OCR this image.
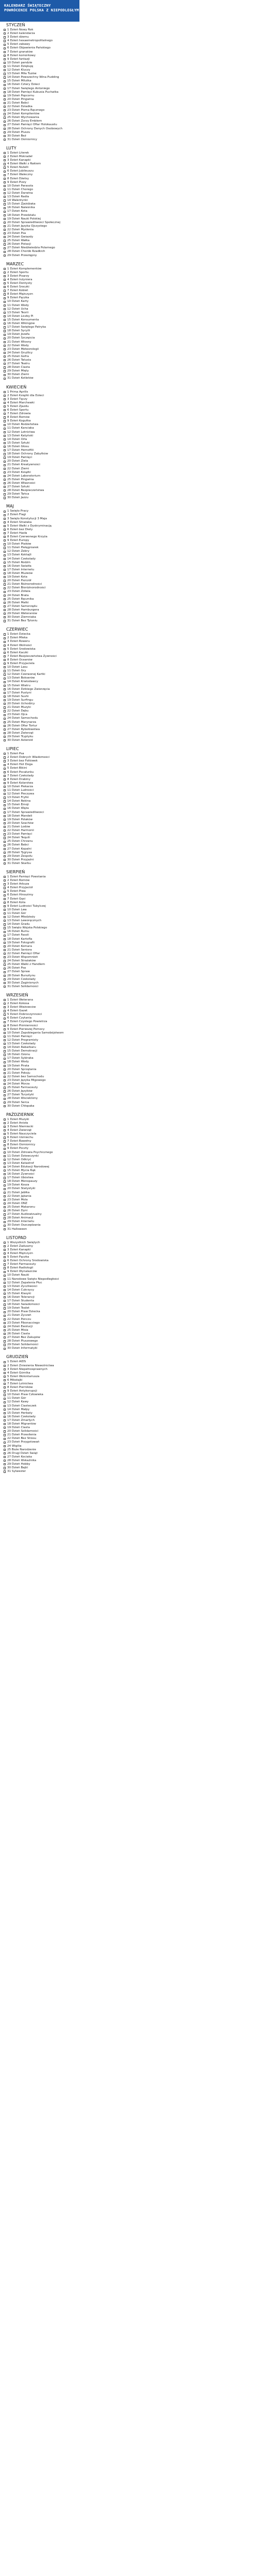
KALENDARZ ŚWIĄTECZNY
POWRÓCENIE POLSKA Z NIEPODLEGŁYM
STYCZEŃ
1 Dzień Nowy Rok
2 Dzień kalendarza
3 Dzień dżemu
4 Dzień hexaemetropolitalnego
5 Dzień zabawy
6 Dzień Objawienia Pańskiego
7 Dzień granatów
8 Dzień komórkowy
9 Dzień fantazji
10 Dzień pandzie
11 Dzień Dziękuję
12 Dzień Kluczy
13 Dzień Miła Tuzów
14 Dzień Powszechny Wina Pudding
15 Dzień Milutka
16 Dzień Cztery Dzieci
17 Dzień Świętego Antoniego
18 Dzień Pamięci Kubusia Puchatka
19 Dzień Popcornu
20 Dzień Pingwina
21 Dzień Babci
22 Dzień Dziadka
23 Dzień Pisma Ręcznego
24 Dzień Kompilentów
25 Dzień Wychowania
26 Dzień Zorzy Emblem
27 Dzień Pamięci Ofiar Holokaustu
28 Dzień Ochrony Danych Osobowych
29 Dzień Pluszu
30 Dzień Beż
31 Dzień Ośmiornicy
LUTY
1 Dzień Literek
2 Dzień Mokradeł
3 Dzień Kanapki
4 Dzień Walki z Rakiem
5 Dzień Nutelli
6 Dzień Jubileuszu
7 Dzień Waleczny
8 Dzień Dżetsy
9 Dzień Pizzy
10 Dzień Parasola
11 Dzień Chorego
12 Dzień Darwina
13 Dzień Radia
14 Walentynki
15 Dzień Zjeżdżaka
16 Dzień Naleśnika
17 Dzień Kota
18 Dzień Przedziału
19 Dzień Nauki Polskiej
20 Dzień Sprawiedliwości Społecznej
21 Dzień Języka Ojczystego
22 Dzień Myślenia
23 Dzień Psa
24 Dzień Gwiazdy
25 Dzień Wałka
26 Dzień Pistacji
27 Dzień Niedźwiedzia Polarnego
28 Dzień Chorób Rzadkich
29 Dzień Przestępny
MARZEC
1 Dzień Komplementów
2 Dzień Sportu
3 Dzień Pisarzy
4 Dzień Inżyniera
5 Dzień Dentysty
6 Dzień Sroczki
7 Dzień Kobiet
8 Dzień Mężczyzn
9 Dzień Pączka
10 Dzień Karty
11 Dzień Wody
12 Dzień Ucha
13 Dzień Teorii
14 Dzień Liczby Pi
15 Dzień Konsumenta
16 Dzień Wikingów
17 Dzień Świętego Patryka
18 Dzień Sycylii
19 Dzień Józefa
20 Dzień Szczęścia
21 Dzień Wiosny
22 Dzień Wody
23 Dzień Meteorologii
24 Dzień Gruźlicy
25 Dzień Gofra
26 Dzień Tatusia
27 Dzień Teatru
28 Dzień Ciasta
29 Dzień Mięty
30 Dzień Ziemi
31 Dzień Kotletów
KWIECIEŃ
1 Prima Aprilis
2 Dzień Książki dla Dzieci
3 Dzień Tęczy
4 Dzień Marchewki
5 Dzień Zjazdu
6 Dzień Sportu
7 Dzień Zdrowia
8 Dzień Romów
9 Dzień Kogutka
10 Dzień Rodzeństwa
11 Dzień Kanciaka
12 Dzień Lotnictwa
13 Dzień Katyński
14 Dzień Orła
15 Dzień Sztuki
16 Dzień Głosu
17 Dzień Hemofilii
18 Dzień Ochrony Zabytków
19 Dzień Pamięci
20 Dzień Ziela
21 Dzień Kreatywności
22 Dzień Ziemi
23 Dzień Książki
24 Dzień Laboratorium
25 Dzień Pingwina
26 Dzień Własności
27 Dzień Sztuki
28 Dzień Bezpieczeństwa
29 Dzień Tańca
30 Dzień Jazzu
MAJ
1 Święto Pracy
2 Dzień Flagi
3 Święto Konstytucji 3 Maja
4 Dzień Strażaka
5 Dzień Walki z Dyskryminacją
6 Dzień bez Diety
7 Dzień Hasła
8 Dzień Czerwonego Krzyża
9 Dzień Europy
10 Dzień Ptaków
11 Dzień Pielęgniarek
12 Dzień Zebry
13 Dzień Koktajli
14 Dzień Czekolady
15 Dzień Rodzin
16 Dzień Światła
17 Dzień Internetu
18 Dzień Muzeów
19 Dzień Kota
20 Dzień Pszczół
21 Dzień Różnorodności
22 Dzień Bioróżnorodności
23 Dzień Żółwia
24 Dzień Brata
25 Dzień Ręcznika
26 Dzień Matki
27 Dzień Samorządu
28 Dzień Hamburgera
29 Dzień Weteranów
30 Dzień Ziemniaka
31 Dzień Bez Tytoniu
CZERWIEC
1 Dzień Dziecka
2 Dzień Mleka
3 Dzień Roweru
4 Dzień Wolności
5 Dzień Środowiska
6 Dzień Kaczki
7 Dzień Bezpieczeństwa Żywności
8 Dzień Oceanów
9 Dzień Przyjaciela
10 Dzień Lasu
11 Dzień Gry
12 Dzień Czerwonej Kartki
13 Dzień Bokserów
14 Dzień Krwiodawcy
15 Dzień Wiatru
16 Dzień Dzikiego Zwierzęcia
17 Dzień Pustyni
18 Dzień Sushi
19 Dzień Surfingu
20 Dzień Uchodźcy
21 Dzień Muzyki
22 Dzień Dębu
23 Dzień Ojca
24 Dzień Samochodu
25 Dzień Marynarza
26 Dzień Ofiar Tortur
27 Dzień Rybołówstwa
28 Dzień Zwierząt
29 Dzień Tryptyku
30 Dzień Asteroid
LIPIEC
1 Dzień Psa
2 Dzień Dobrych Wiadomości
3 Dzień bez Foliówek
4 Dzień Hot Doga
5 Dzień Bikini
6 Dzień Pocałunku
7 Dzień Czekolady
8 Dzień Drabiny
9 Dzień Kolarstwa
10 Dzień Piekarza
11 Dzień Ludności
12 Dzień Pieczywa
13 Dzień Frytki
14 Dzień Rekina
15 Dzień Emoji
16 Dzień Węża
17 Dzień Sprawiedliwości
18 Dzień Mandeli
19 Dzień Polaków
20 Dzień Szachów
21 Dzień Lodów
22 Dzień Harmonii
23 Dzień Pamięci
24 Dzień Tequili
25 Dzień Chrzanu
26 Dzień Babci
27 Dzień Kopalni
28 Dzień Tygrysa
29 Dzień Zespołu
30 Dzień Przyjaźni
31 Dzień Skarbu
SIERPIEŃ
1 Dzień Pamięci Powstania
2 Dzień Romów
3 Dzień Arbuza
4 Dzień Przyjaciół
5 Dzień Piwa
6 Dzień Hiroszimy
7 Dzień Gęsi
8 Dzień Kota
9 Dzień Ludności Tubylczej
10 Dzień Lwa
11 Dzień Gór
12 Dzień Młodzieży
13 Dzień Leworęcznych
14 Dzień Gradu
15 Święto Wojska Polskiego
16 Dzień Rumu
17 Dzień Fasoli
18 Dzień Kartofla
19 Dzień Fotografii
20 Dzień Komara
21 Dzień Seniora
22 Dzień Pamięci Ofiar
23 Dzień Wspomnień
24 Dzień Strażaków
25 Dzień Walki z Handlem
26 Dzień Psa
27 Dzień Spraw
28 Dzień Bursztynu
29 Dzień Czekolady
30 Dzień Zaginionych
31 Dzień Solidarności
WRZESIEŃ
1 Dzień Weterana
2 Dzień Kokosa
3 Dzień Wieżowców
4 Dzień Gazet
5 Dzień Dobroczynności
6 Dzień Czytania
7 Dzień Czystego Powietrza
8 Dzień Piśmienności
9 Dzień Pierwszej Pomocy
10 Dzień Zapobiegania Samobójstwom
11 Dzień Pamięci
12 Dzień Programisty
13 Dzień Czekolady
14 Dzień Rabarbaru
15 Dzień Demokracji
16 Dzień Ozonu
17 Dzień Sybiraka
18 Dzień Wody
19 Dzień Pirata
20 Dzień Sprzątania
21 Dzień Pokoju
22 Dzień bez Samochodu
23 Dzień Języka Migowego
24 Dzień Morza
25 Dzień Farmaceuty
26 Dzień Języków
27 Dzień Turystyki
28 Dzień Wścieklizny
29 Dzień Serca
30 Dzień Chłopaka
PAŹDZIERNIK
1 Dzień Muzyki
2 Dzień Anioła
3 Dzień Niemiecki
4 Dzień Zwierząt
5 Dzień Nauczyciela
6 Dzień Uśmiechu
7 Dzień Bawełny
8 Dzień Ośmiornicy
9 Dzień Poczty
10 Dzień Zdrowia Psychicznego
11 Dzień Dziewczynki
12 Dzień Odkryć
13 Dzień Katastrof
14 Dzień Edukacji Narodowej
15 Dzień Mycia Rąk
16 Dzień Żywności
17 Dzień Ubóstwa
18 Dzień Menopauzy
19 Dzień Kosza
20 Dzień Statystyki
21 Dzień Jabłka
22 Dzień Jąkania
23 Dzień Mola
24 Dzień ONZ
25 Dzień Makaronu
26 Dzień Dyni
27 Dzień Audiowizualny
28 Dzień Animacji
29 Dzień Internetu
30 Dzień Oszczędzania
31 Halloween
LISTOPAD
1 Wszystkich Świętych
2 Dzień Zaduszny
3 Dzień Kanapki
4 Dzień Mężczyzn
5 Dzień Pączka
6 Dzień Ochrony Środowiska
7 Dzień Farmaceuty
8 Dzień Radiologii
9 Dzień Wynalazców
10 Dzień Nauki
11 Narodowe Święto Niepodległości
12 Dzień Zapalenia Płuc
13 Dzień Życzliwości
14 Dzień Cukrzycy
15 Dzień Klasyki
16 Dzień Tolerancji
17 Dzień Studenta
18 Dzień Świadomości
19 Dzień Toalet
20 Dzień Praw Dziecka
21 Dzień Życzeń
22 Dzień Ponczu
23 Dzień Fibonacciego
24 Dzień Ewolucji
25 Dzień Misia
26 Dzień Ciasta
27 Dzień Bez Zakupów
28 Dzień Pluszowego
29 Dzień Solidarności
30 Dzień Informatyki
GRUDZIEŃ
1 Dzień AIDS
2 Dzień Zniesienia Niewolnictwa
3 Dzień Niepełnosprawnych
4 Dzień Górnika
5 Dzień Wolontariusza
6 Mikołajki
7 Dzień Lotnictwa
8 Dzień Pierników
9 Dzień Antykorupcji
10 Dzień Praw Człowieka
11 Dzień Gór
12 Dzień Kawy
13 Dzień Ciasteczek
14 Dzień Małpy
15 Dzień Herbaty
16 Dzień Czekolady
17 Dzień Zmarłych
18 Dzień Migrantów
19 Dzień Ciasta
20 Dzień Solidarności
21 Dzień Przesilenia
22 Dzień Bez Stresu
23 Dzień Przygotowań
24 Wigilia
25 Boże Narodzenie
26 Drugi Dzień Świąt
27 Dzień Kociaka
28 Dzień Wskaźnika
29 Dzień Hobby
30 Dzień Bajki
31 Sylwester
